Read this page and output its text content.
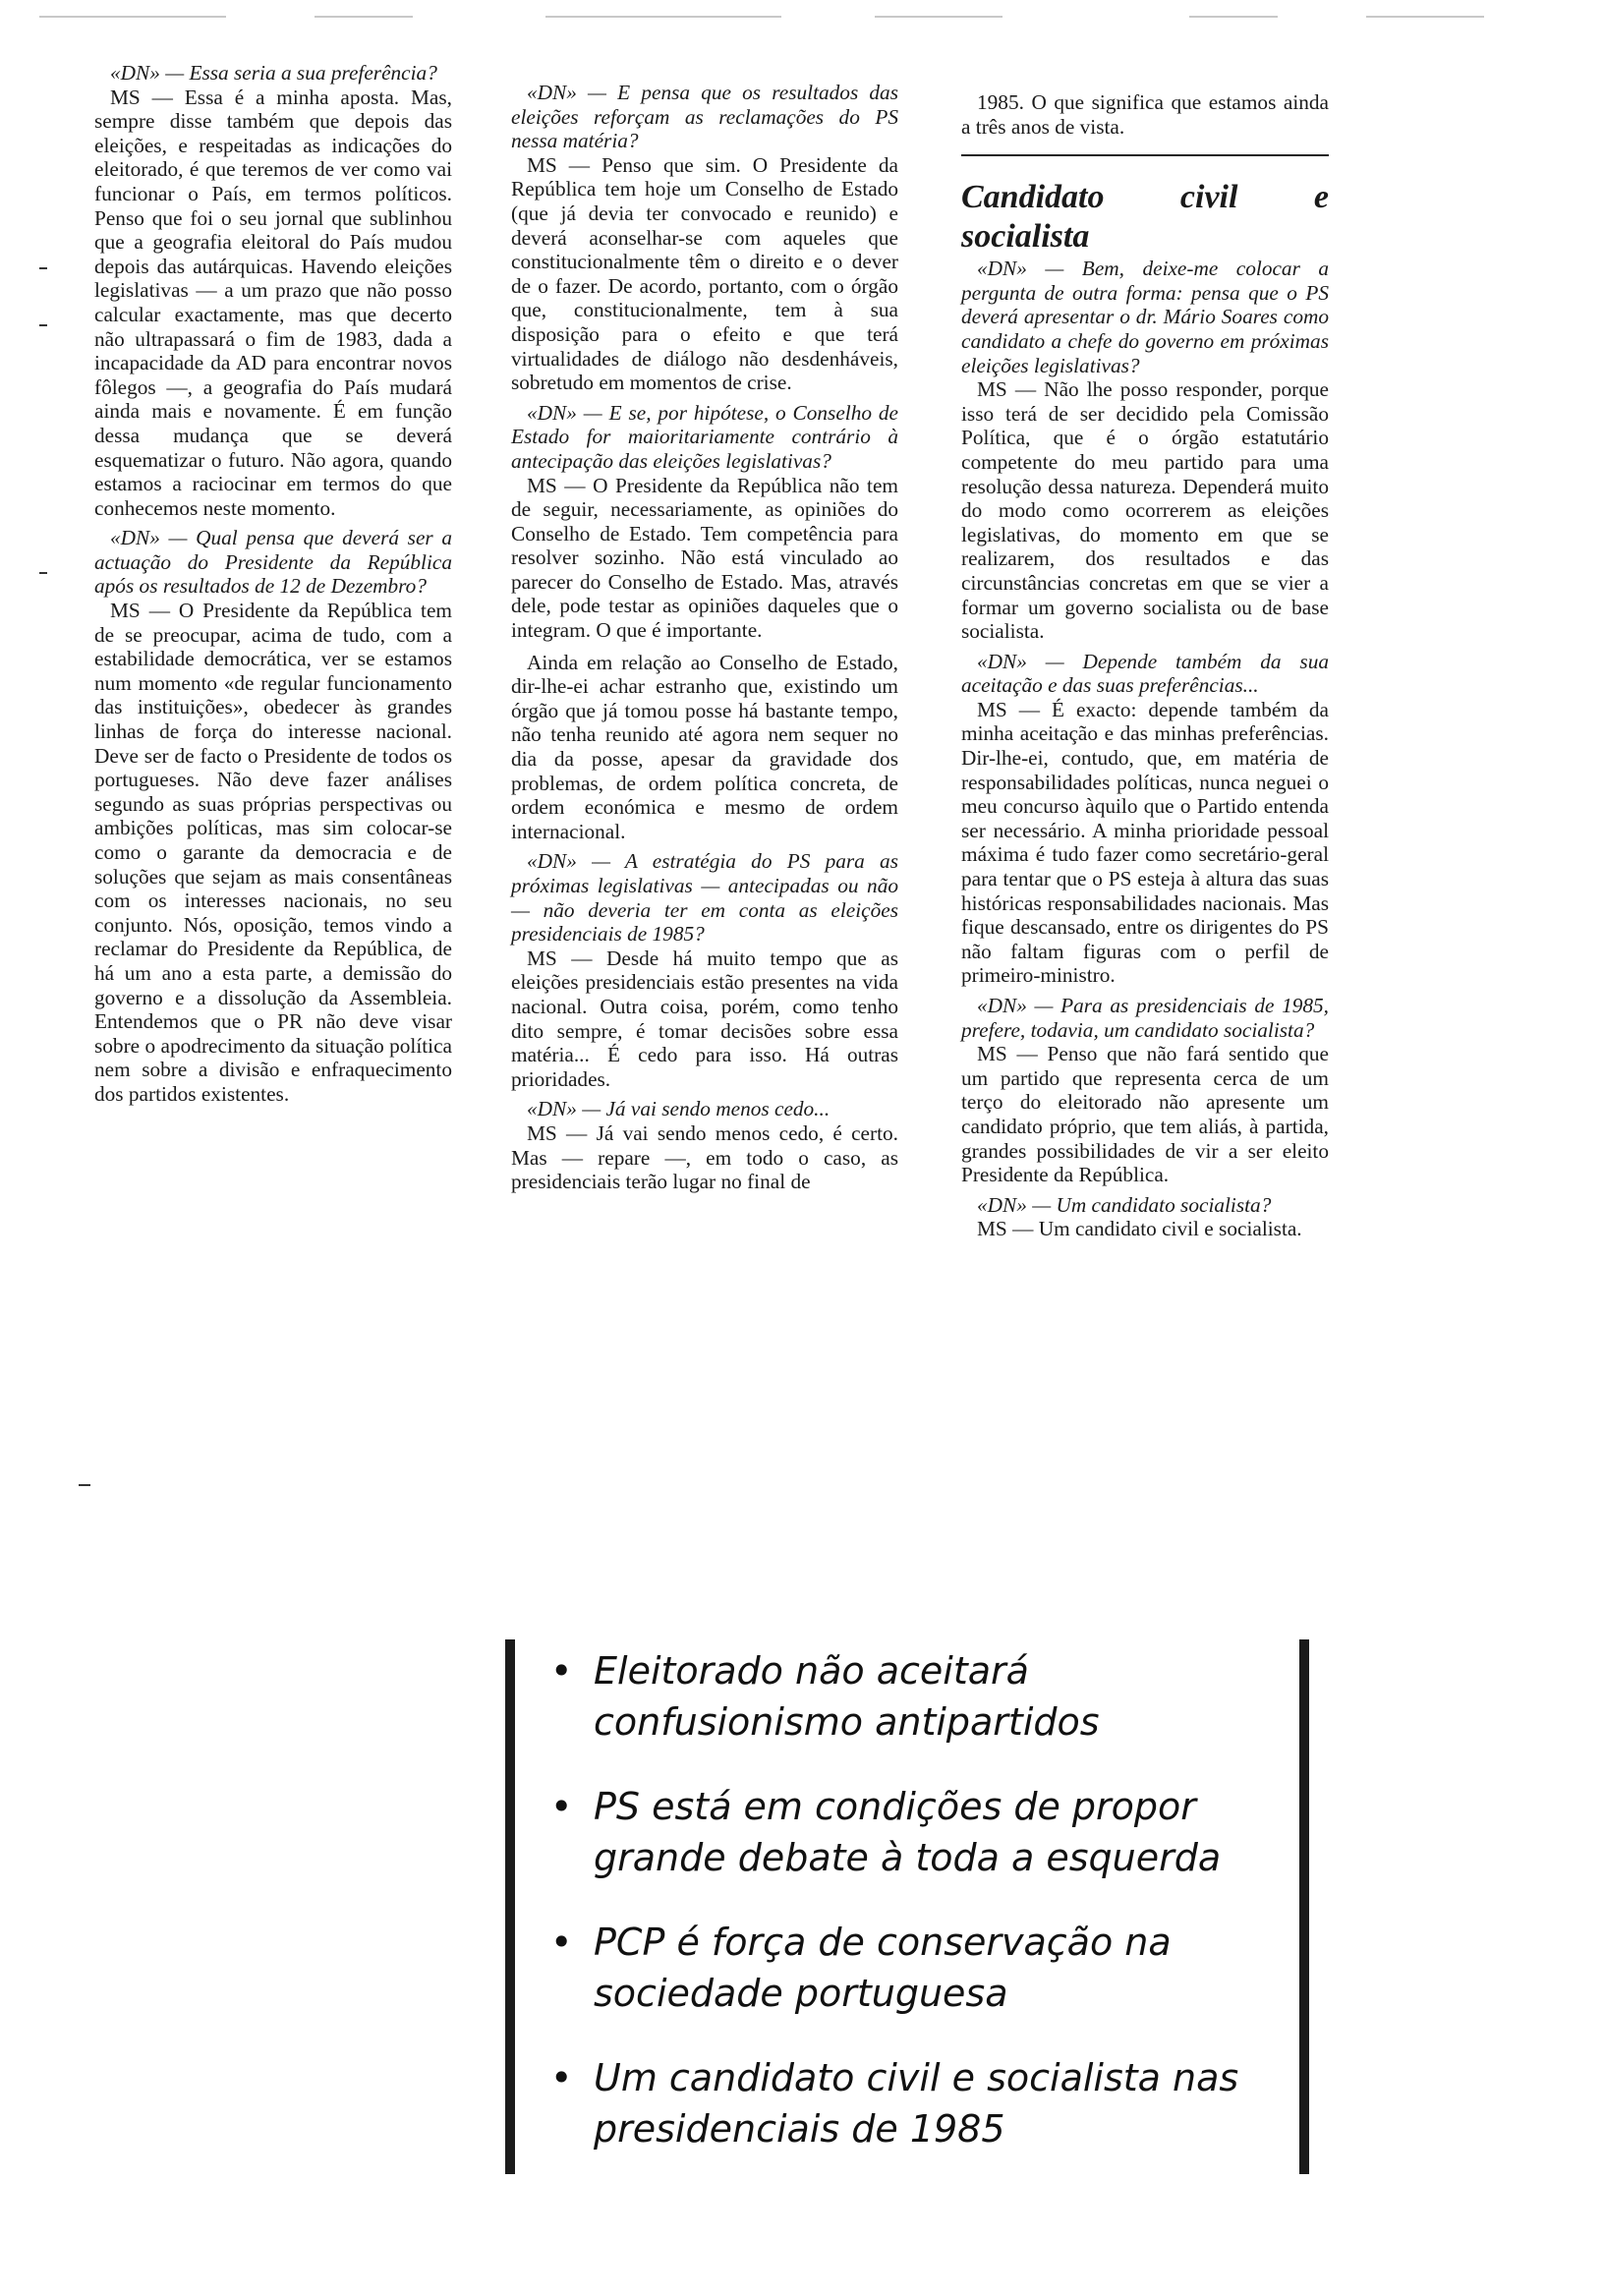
«DN» — Essa seria a sua preferência?

MS — Essa é a minha aposta. Mas, sempre disse também que depois das eleições, e respeitadas as indicações do eleitorado, é que teremos de ver como vai funcionar o País, em termos políticos. Penso que foi o seu jornal que sublinhou que a geografia eleitoral do País mudou depois das autárquicas. Havendo eleições legislativas — a um prazo que não posso calcular exactamente, mas que decerto não ultrapassará o fim de 1983, dada a incapacidade da AD para encontrar novos fôlegos —, a geografia do País mudará ainda mais e novamente. É em função dessa mudança que se deverá esquematizar o futuro. Não agora, quando estamos a raciocinar em termos do que conhecemos neste momento.

«DN» — Qual pensa que deverá ser a actuação do Presidente da República após os resultados de 12 de Dezembro?

MS — O Presidente da República tem de se preocupar, acima de tudo, com a estabilidade democrática, ver se estamos num momento «de regular funcionamento das instituições», obedecer às grandes linhas de força do interesse nacional. Deve ser de facto o Presidente de todos os portugueses. Não deve fazer análises segundo as suas próprias perspectivas ou ambições políticas, mas sim colocar-se como o garante da democracia e de soluções que sejam as mais consentâneas com os interesses nacionais, no seu conjunto. Nós, oposição, temos vindo a reclamar do Presidente da República, de há um ano a esta parte, a demissão do governo e a dissolução da Assembleia. Entendemos que o PR não deve visar sobre o apodrecimento da situação política nem sobre a divisão e enfraquecimento dos partidos existentes.

«DN» — E pensa que os resultados das eleições reforçam as reclamações do PS nessa matéria?

MS — Penso que sim. O Presidente da República tem hoje um Conselho de Estado (que já devia ter convocado e reunido) e deverá aconselhar-se com aqueles que constitucionalmente têm o direito e o dever de o fazer. De acordo, portanto, com o órgão que, constitucionalmente, tem à sua disposição para o efeito e que terá virtualidades de diálogo não desdenháveis, sobretudo em momentos de crise.

«DN» — E se, por hipótese, o Conselho de Estado for maioritariamente contrário à antecipação das eleições legislativas?

MS — O Presidente da República não tem de seguir, necessariamente, as opiniões do Conselho de Estado. Tem competência para resolver sozinho. Não está vinculado ao parecer do Conselho de Estado. Mas, através dele, pode testar as opiniões daqueles que o integram. O que é importante.

Ainda em relação ao Conselho de Estado, dir-lhe-ei achar estranho que, existindo um órgão que já tomou posse há bastante tempo, não tenha reunido até agora nem sequer no dia da posse, apesar da gravidade dos problemas, de ordem política concreta, de ordem económica e mesmo de ordem internacional.

«DN» — A estratégia do PS para as próximas legislativas — antecipadas ou não — não deveria ter em conta as eleições presidenciais de 1985?

MS — Desde há muito tempo que as eleições presidenciais estão presentes na vida nacional. Outra coisa, porém, como tenho dito sempre, é tomar decisões sobre essa matéria... É cedo para isso. Há outras prioridades.

«DN» — Já vai sendo menos cedo...

MS — Já vai sendo menos cedo, é certo. Mas — repare —, em todo o caso, as presidenciais terão lugar no final de

1985. O que significa que estamos ainda a três anos de vista.

Candidato civil e socialista

«DN» — Bem, deixe-me colocar a pergunta de outra forma: pensa que o PS deverá apresentar o dr. Mário Soares como candidato a chefe do governo em próximas eleições legislativas?

MS — Não lhe posso responder, porque isso terá de ser decidido pela Comissão Política, que é o órgão estatutário competente do meu partido para uma resolução dessa natureza. Dependerá muito do modo como ocorrerem as eleições legislativas, do momento em que se realizarem, dos resultados e das circunstâncias concretas em que se vier a formar um governo socialista ou de base socialista.

«DN» — Depende também da sua aceitação e das suas preferências...

MS — É exacto: depende também da minha aceitação e das minhas preferências. Dir-lhe-ei, contudo, que, em matéria de responsabilidades políticas, nunca neguei o meu concurso àquilo que o Partido entenda ser necessário. A minha prioridade pessoal máxima é tudo fazer como secretário-geral para tentar que o PS esteja à altura das suas históricas responsabilidades nacionais. Mas fique descansado, entre os dirigentes do PS não faltam figuras com o perfil de primeiro-ministro.

«DN» — Para as presidenciais de 1985, prefere, todavia, um candidato socialista?

MS — Penso que não fará sentido que um partido que representa cerca de um terço do eleitorado não apresente um candidato próprio, que tem aliás, à partida, grandes possibilidades de vir a ser eleito Presidente da República.

«DN» — Um candidato socialista?

MS — Um candidato civil e socialista.

• Eleitorado não aceitará confusionismo antipartidos
• PS está em condições de propor grande debate à toda a esquerda
• PCP é força de conservação na sociedade portuguesa
• Um candidato civil e socialista nas presidenciais de 1985
